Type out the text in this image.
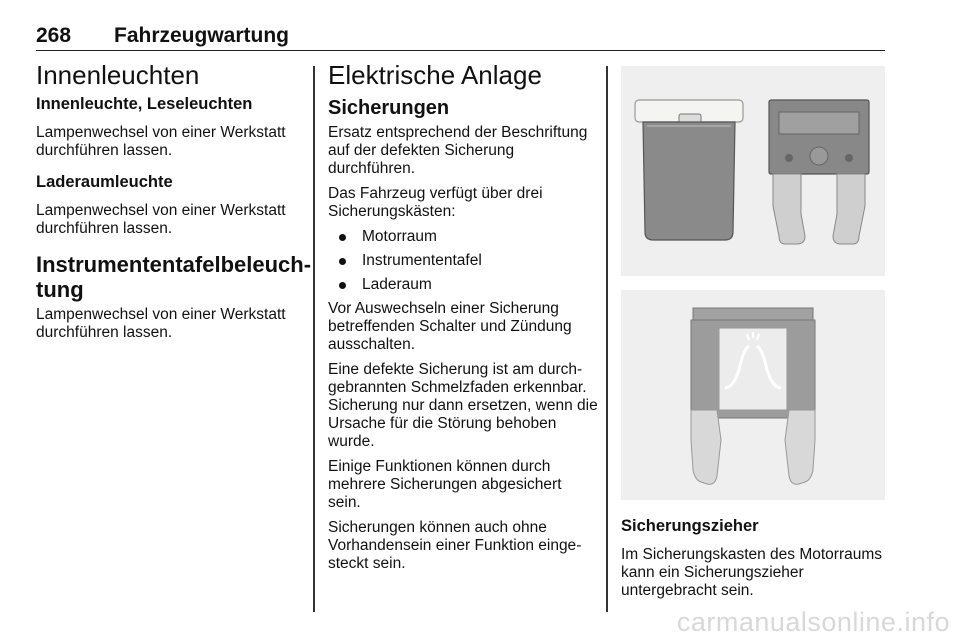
268 Fahrzeugwartung
Innenleuchten
Innenleuchte, Leseleuchten

Lampenwechsel von einer Werkstatt durchführen lassen.

Laderaumleuchte

Lampenwechsel von einer Werkstatt durchführen lassen.

Instrumententafelbeleuch-
tung

Lampenwechsel von einer Werkstatt durchführen lassen.

Elektrische Anlage
Sicherungen

Ersatz entsprechend der Beschriftung auf der defekten Sicherung durchführen.

Das Fahrzeug verfügt über drei Sicherungskästen:

Motorraum
Instrumententafel
Laderaum

Vor Auswechseln einer Sicherung betreffenden Schalter und Zündung ausschalten.

Eine defekte Sicherung ist am durchgebrannten Schmelzfaden erkennbar. Sicherung nur dann ersetzen, wenn die Ursache für die Störung behoben wurde.

Einige Funktionen können durch mehrere Sicherungen abgesichert sein.

Sicherungen können auch ohne Vorhandensein einer Funktion eingesteckt sein.

Sicherungszieher

Im Sicherungskasten des Motorraums kann ein Sicherungszieher untergebracht sein.

carmanualsonline.info
